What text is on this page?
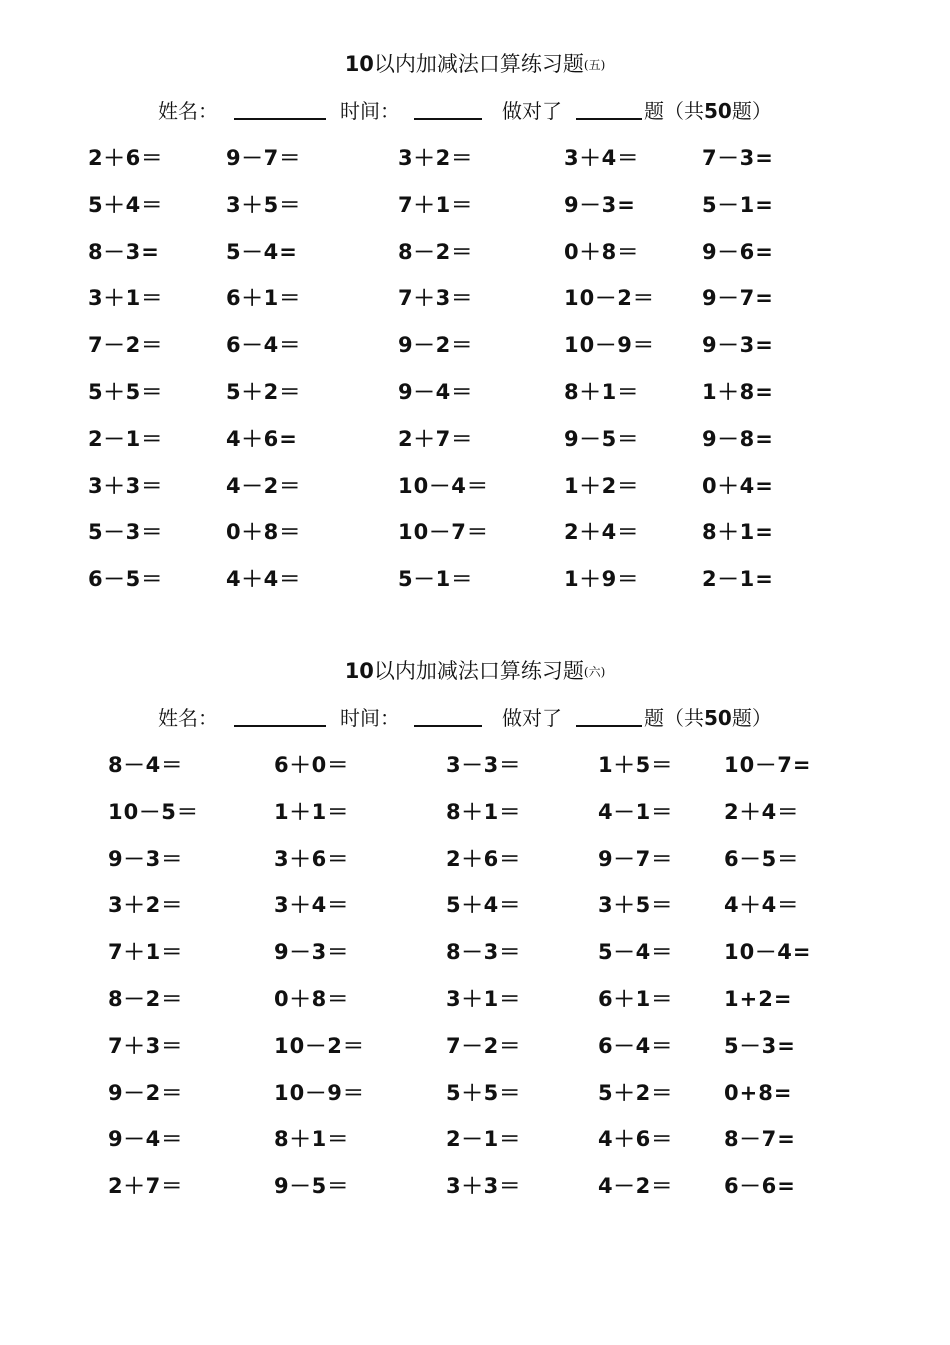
10以内加减法口算练习题(五)
姓名：	时间：	做对了	题（共50题）
2＋6＝	9－7＝	3＋2＝	3＋4＝	7－3=
5＋4＝	3＋5＝	7＋1＝	9－3=	5－1=
8－3=	5－4=	8－2＝	0＋8＝	9－6=
3＋1＝	6＋1＝	7＋3＝	10－2＝ 9－7=
7－2＝	6－4＝	9－2＝	10－9＝ 9－3=
5＋5＝	5＋2＝	9－4＝	8＋1＝	1＋8=
2－1＝	4＋6=	2＋7＝	9－5＝	9－8=
3＋3＝	4－2＝	10－4＝	1＋2＝	0＋4=
5－3＝	0＋8＝	10－7＝	2＋4＝	8＋1=
6－5＝	4＋4＝	5－1＝	1＋9＝	2－1=
10以内加减法口算练习题(六)
姓名：	时间：	做对了	题（共50题）
8－4＝	6＋0＝	3－3＝	1＋5＝ 10－7=
10－5＝	1＋1＝	8＋1＝	4－1＝ 2＋4＝
9－3＝	3＋6＝	2＋6＝	9－7＝ 6－5＝
3＋2＝	3＋4＝	5＋4＝	3＋5＝ 4＋4＝
7＋1＝	9－3＝	8－3＝	5－4＝ 10－4=
8－2＝	0＋8＝	3＋1＝	6＋1＝ 1+2=
7＋3＝	10－2＝	7－2＝	6－4＝ 5－3=
9－2＝	10－9＝	5＋5＝	5＋2＝ 0+8=
9－4＝	8＋1＝	2－1＝	4＋6＝ 8－7=
2＋7＝	9－5＝	3＋3＝	4－2＝ 6－6=
